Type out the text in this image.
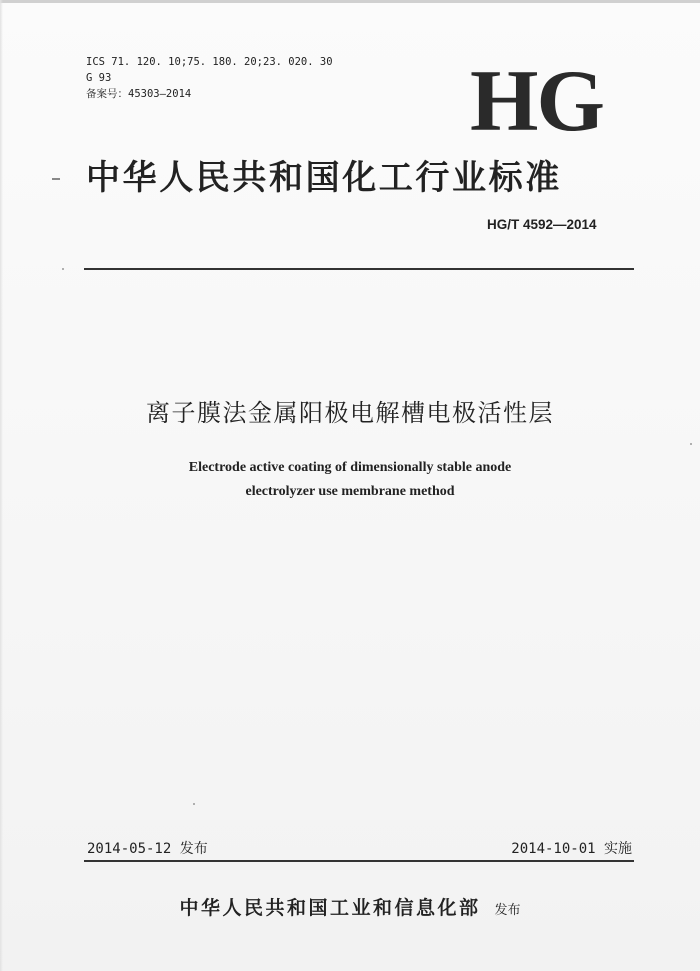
ICS 71. 120. 10;75. 180. 20;23. 020. 30
G 93
备案号：45303—2014	HG
中华人民共和国化工行业标准
HG/T 4592—2014
离子膜法金属阳极电解槽电极活性层
Electrode active coating of dimensionally stable anode
electrolyzer use membrane method
2014-05-12 发布	2014-10-01 实施
中华人民共和国工业和信息化部 发布
